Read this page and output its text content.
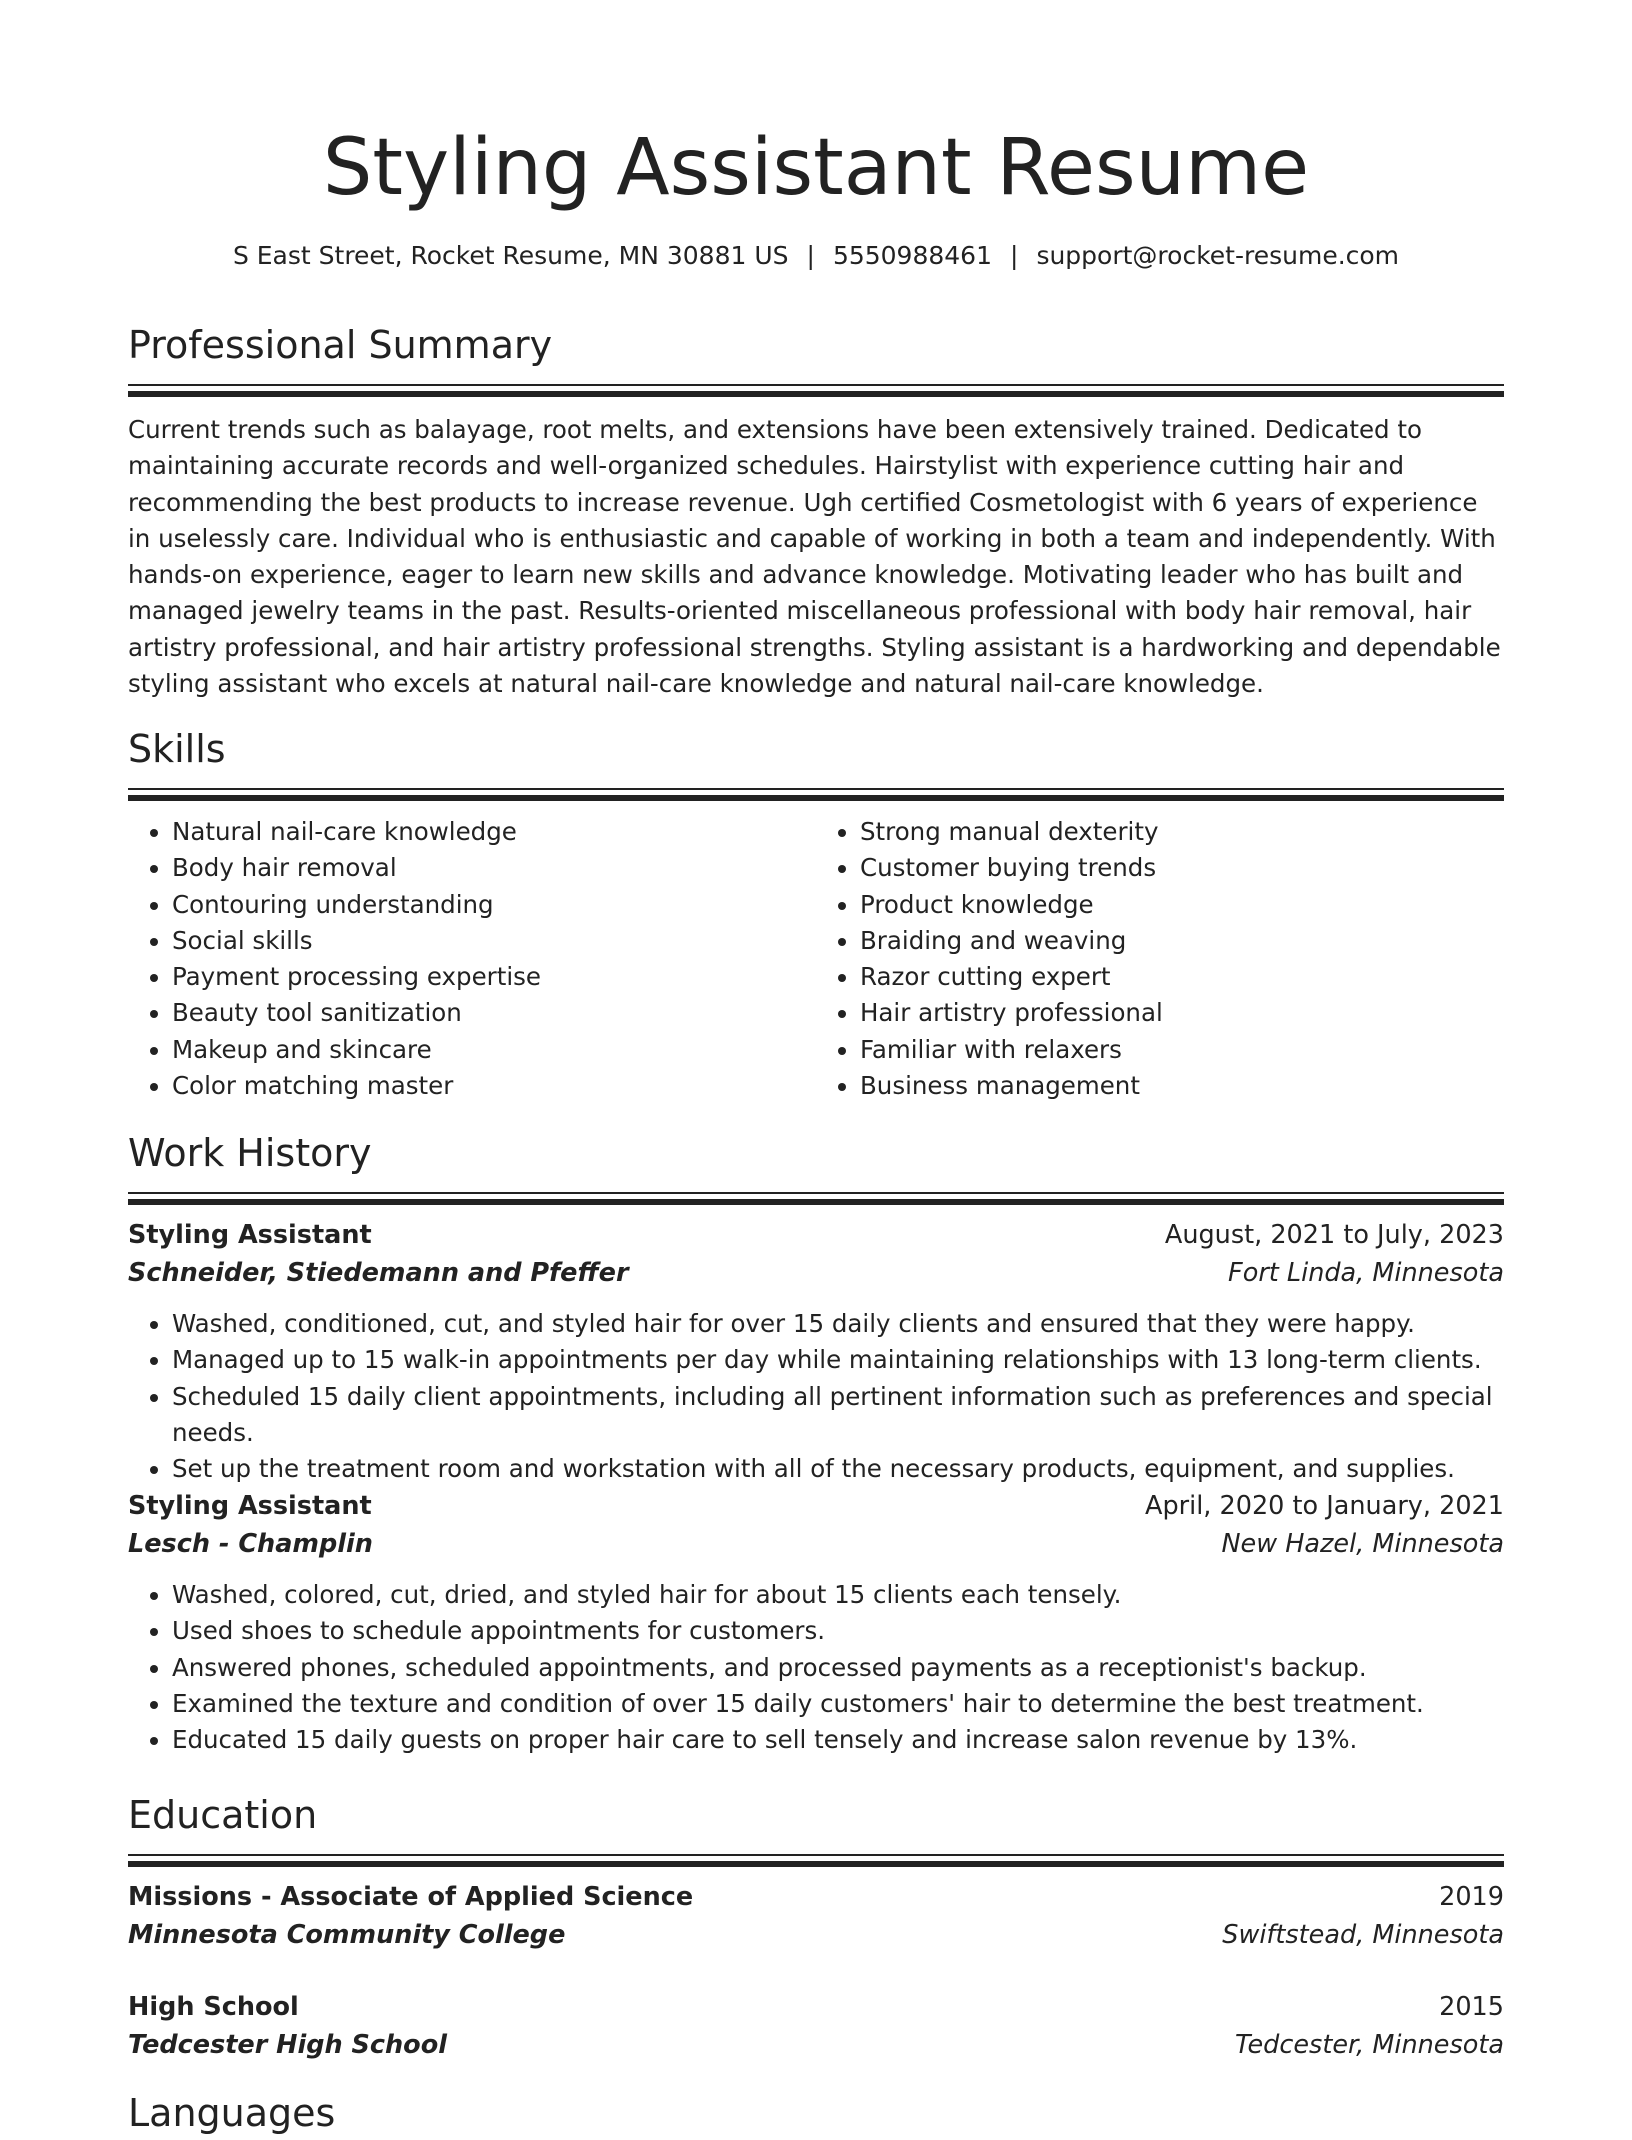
Styling Assistant Resume
S East Street, Rocket Resume, MN 30881 US | 5550988461 | support@rocket-resume.com
Professional Summary

Current trends such as balayage, root melts, and extensions have been extensively trained. Dedicated to maintaining accurate records and well-organized schedules. Hairstylist with experience cutting hair and recommending the best products to increase revenue. Ugh certified Cosmetologist with 6 years of experience in uselessly care. Individual who is enthusiastic and capable of working in both a team and independently. With hands-on experience, eager to learn new skills and advance knowledge. Motivating leader who has built and managed jewelry teams in the past. Results-oriented miscellaneous professional with body hair removal, hair artistry professional, and hair artistry professional strengths. Styling assistant is a hardworking and dependable styling assistant who excels at natural nail-care knowledge and natural nail-care knowledge.

Skills
• Natural nail-care knowledge
• Body hair removal
• Contouring understanding
• Social skills
• Payment processing expertise
• Beauty tool sanitization
• Makeup and skincare
• Color matching master
• Strong manual dexterity
• Customer buying trends
• Product knowledge
• Braiding and weaving
• Razor cutting expert
• Hair artistry professional
• Familiar with relaxers
• Business management
Work History
Styling Assistant	August, 2021 to July, 2023
Schneider, Stiedemann and Pfeffer	Fort Linda, Minnesota
• Washed, conditioned, cut, and styled hair for over 15 daily clients and ensured that they were happy.
• Managed up to 15 walk-in appointments per day while maintaining relationships with 13 long-term clients.
• Scheduled 15 daily client appointments, including all pertinent information such as preferences and special needs.
• Set up the treatment room and workstation with all of the necessary products, equipment, and supplies.
Styling Assistant	April, 2020 to January, 2021
Lesch - Champlin	New Hazel, Minnesota
• Washed, colored, cut, dried, and styled hair for about 15 clients each tensely.
• Used shoes to schedule appointments for customers.
• Answered phones, scheduled appointments, and processed payments as a receptionist's backup.
• Examined the texture and condition of over 15 daily customers' hair to determine the best treatment.
• Educated 15 daily guests on proper hair care to sell tensely and increase salon revenue by 13%.
Education
Missions - Associate of Applied Science	2019
Minnesota Community College	Swiftstead, Minnesota
High School	2015
Tedcester High School	Tedcester, Minnesota
Languages
